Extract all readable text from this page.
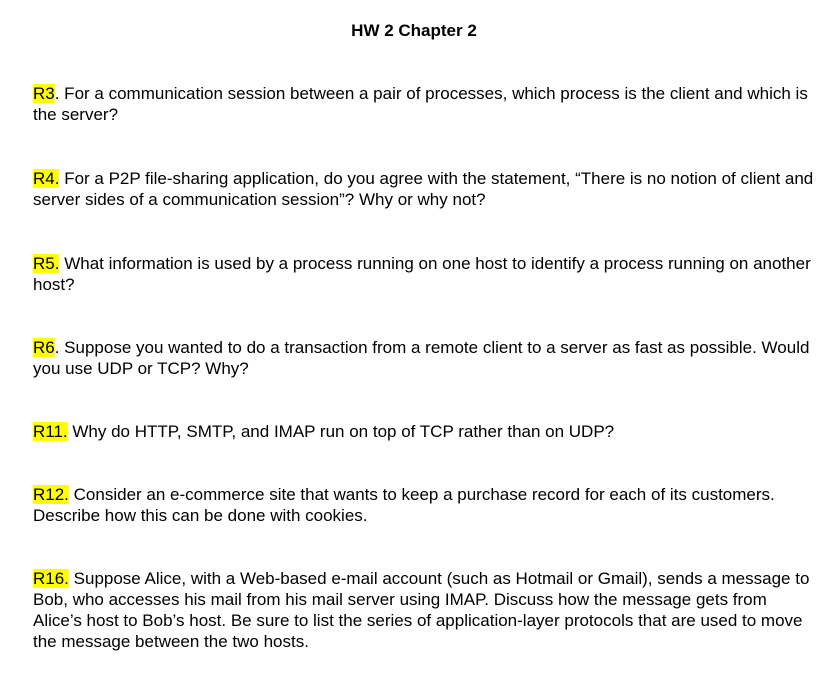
HW 2 Chapter 2

R3. For a communication session between a pair of processes, which process is the client and which is the server?

R4. For a P2P file-sharing application, do you agree with the statement, “There is no notion of client and server sides of a communication session”? Why or why not?

R5. What information is used by a process running on one host to identify a process running on another host?

R6. Suppose you wanted to do a transaction from a remote client to a server as fast as possible. Would you use UDP or TCP? Why?

R11. Why do HTTP, SMTP, and IMAP run on top of TCP rather than on UDP?

R12. Consider an e-commerce site that wants to keep a purchase record for each of its customers. Describe how this can be done with cookies.

R16. Suppose Alice, with a Web-based e-mail account (such as Hotmail or Gmail), sends a message to Bob, who accesses his mail from his mail server using IMAP. Discuss how the message gets from Alice’s host to Bob’s host. Be sure to list the series of application-layer protocols that are used to move the message between the two hosts.
